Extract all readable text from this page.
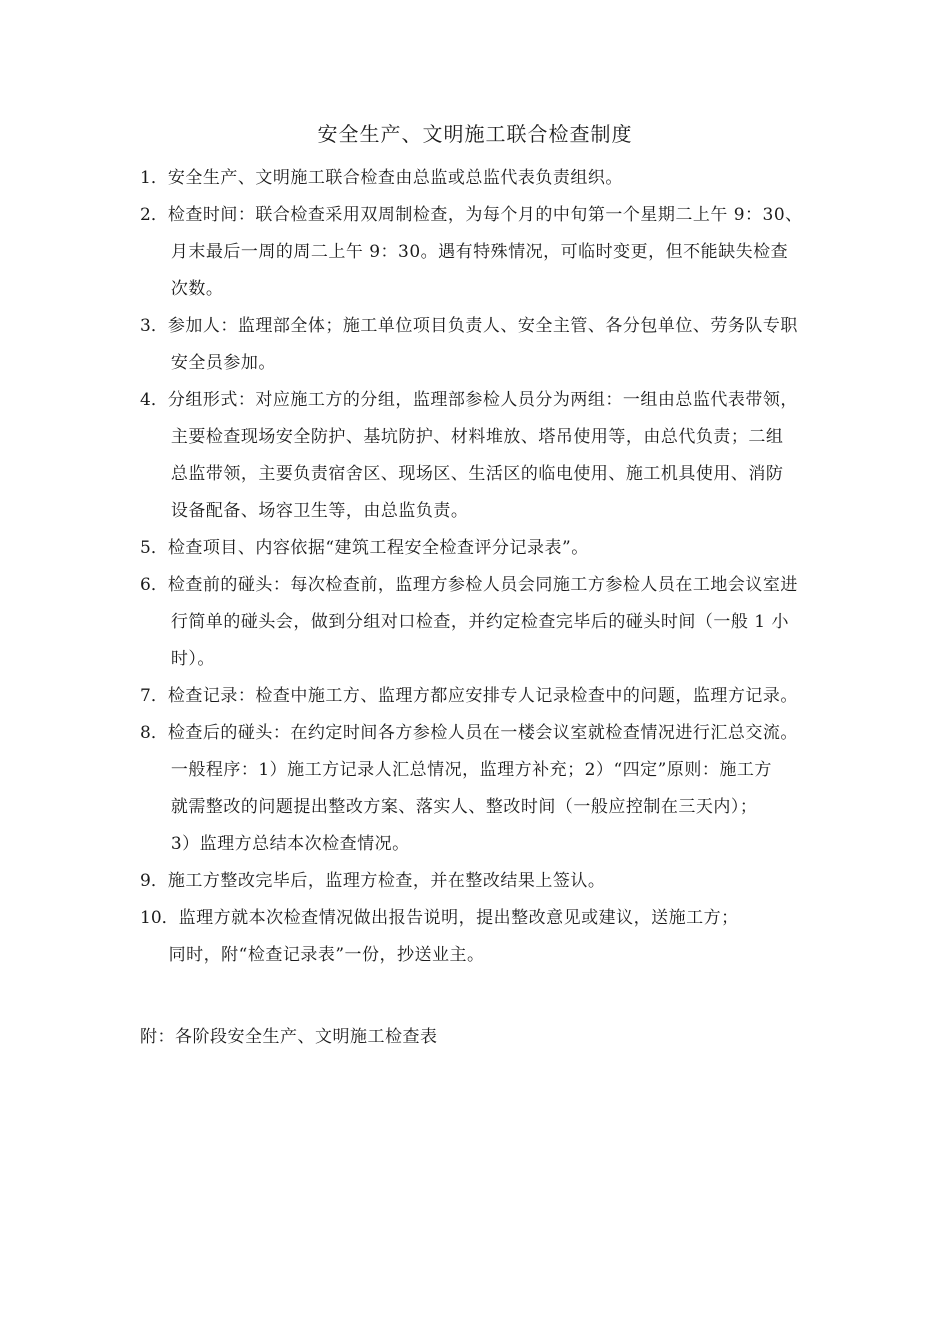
安全生产、文明施工联合检查制度
1． 安全生产、文明施工联合检查由总监或总监代表负责组织。
2． 检查时间：联合检查采用双周制检查，为每个月的中旬第一个星期二上午 9：30、
月末最后一周的周二上午 9：30。遇有特殊情况，可临时变更，但不能缺失检查
次数。
3． 参加人：监理部全体；施工单位项目负责人、安全主管、各分包单位、劳务队专职
安全员参加。
4． 分组形式：对应施工方的分组，监理部参检人员分为两组：一组由总监代表带领，
主要检查现场安全防护、基坑防护、材料堆放、塔吊使用等，由总代负责；二组
总监带领，主要负责宿舍区、现场区、生活区的临电使用、施工机具使用、消防
设备配备、场容卫生等，由总监负责。
5． 检查项目、内容依据“建筑工程安全检查评分记录表”。
6． 检查前的碰头：每次检查前，监理方参检人员会同施工方参检人员在工地会议室进
行简单的碰头会，做到分组对口检查，并约定检查完毕后的碰头时间（一般 1 小
时）。
7． 检查记录：检查中施工方、监理方都应安排专人记录检查中的问题，监理方记录。
8． 检查后的碰头：在约定时间各方参检人员在一楼会议室就检查情况进行汇总交流。
一般程序：1）施工方记录人汇总情况，监理方补充；2）“四定”原则：施工方
就需整改的问题提出整改方案、落实人、整改时间（一般应控制在三天内）；
3）监理方总结本次检查情况。
9． 施工方整改完毕后，监理方检查，并在整改结果上签认。
10． 监理方就本次检查情况做出报告说明，提出整改意见或建议，送施工方；
同时，附“检查记录表”一份，抄送业主。
附：各阶段安全生产、文明施工检查表
